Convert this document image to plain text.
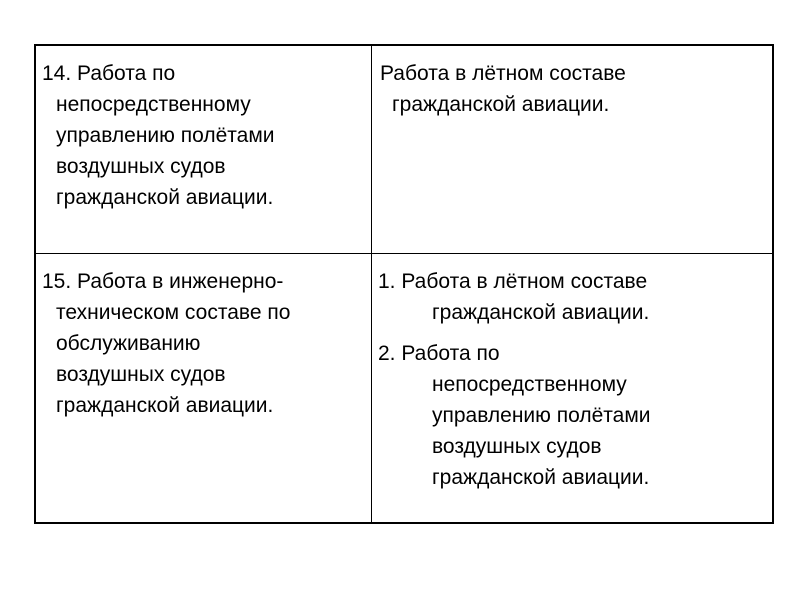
14. Работа по
непосредственному
управлению полётами
воздушных судов
гражданской авиации.
Работа в лётном составе
гражданской авиации.
15. Работа в инженерно-
техническом составе по
обслуживанию
воздушных судов
гражданской авиации.
1. Работа в лётном составе
гражданской авиации.
2. Работа по
непосредственному
управлению полётами
воздушных судов
гражданской авиации.
